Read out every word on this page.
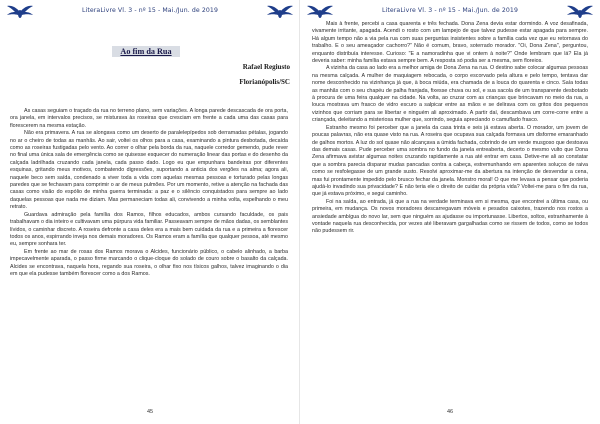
LiteraLivre Vl. 3 - nº 15 - Mai./Jun. de 2019
Ao fim da Rua
Rafael Regiusto
Florianópolis/SC

As casas seguiam o traçado da rua no terreno plano, sem variações. A longa parede descascada de ora porta, ora janela, em intervalos precisos, se misturava às roseiras que cresciam em frente a cada uma das casas para florescerem na mesma estação.

Não era primavera. A rua se alongava como um deserto de paralelepípedos sob derramadas pétalas, jogando no ar o cheiro de todas as manhãs. Ao sair, voltei os olhos para a casa, examinando a pintura desbotada, decaída como as roseiras fustigadas pelo vento. Ao correr o olhar pela borda da rua, naquele corredor gemendo, pude rever no final uma única sala de emergência como se quisesse esquecer do numeração linear das portas e do desenho da calçada ladrilhada cruzando cada janela, cada passo dado. Logo eu que empunhara bandeiras por diferentes esquinas, gritando meus motivos, combatendo digressões, suportando a anticia dos vergões na alma; agora ali, naquele beco sem saída, condenado a viver toda a vida com aquelas mesmas pessoas e torturado pelas longas paredes que se fechavam para comprimir o ar de meus pulmões. Por um momento, retive a atenção na fachada das casas como visão do espólio de minha guerra terminada: a paz e o silêncio conquistados para sempre ao lado daquelas pessoas que nada me diziam. Mas permaneciam todas ali, convivendo a minha volta, espelhando o meu retrato.

Guardava admiração pela família dos Ramos, filhos educados, ambos cursando faculdade, os pais trabalhavam o dia inteiro e cultivavam uma púrpura vida familiar. Passeavam sempre de mãos dadas, os semblantes lívidos, o caminhar discreto. A roseira defronte a casa deles era a mais bem cuidada da rua e a primeira a florescer todos os anos, espirrando inveja nos demais moradores. Os Ramos eram a família que qualquer pessoa, até mesmo eu, sempre sonhara ter.

Em frente ao mar de rosas dos Ramos morava o Alcides, funcionário público, o cabelo alinhado, a barba impecavelmente aparada, o passo firme marcando o clique-cloque do solado de couro sobre o basalto da calçada. Alcides se encontrava, naquela hora, regando sua roseira, o olhar fixo nos tísicos galhos, talvez imaginando o dia em que ela pudesse também florescer como a dos Ramos.

45
LiteraLivre Vl. 3 - nº 15 - Mai./Jun. de 2019

Mais à frente, percebi a casa quarenta e três fechada. Dona Zena devia estar dormindo. A voz desafinada, vivamente irritante, apagada. Acendi o rosto com um lampejo de que talvez pudesse estar apagada para sempre. Há algum tempo não a via pela rua com suas perguntas insistentes sobre a família cada vez que eu retornava do trabalho. E o seu ameaçador cachorro?” Não é comum, bravo, soterrado morador. "Oi, Dona Zena", perguntou, enquanto distribuía interesse. Curioso: "E a namoradinha que vi ontem à noite?" Onde lembram que lá? Ela já deveria saber: minha família estava sempre bem. A resposta só podia ser a mesma, sem floreios.

A vizinha da casa ao lado era a melhor amiga de Dona Zena na rua. O destino sabe colocar algumas pessoas na mesma calçada. A mulher de maquiagem rebocada, o corpo escorvado pela altura e pelo tempo, tentava dar nome desconhecido na vizinhança já que, à boca miúda, era chamada de a louca do quarenta e cinco. Saía todas as manhãs com o seu chapéu de palha franjada, fixesse chuva ou sol, e sua sacola de um transparente desbotado à procura de uma feira qualquer na cidade. Na volta, ao cruzar com as crianças que brincavam no meio da rua, a louca mostrava um frasco de vidro escuro a salpicar entre as mãos e se delirava com os gritos dos pequenos vizinhos que corriam para se libertar e ninguém ali aproximado. A partir daí, descambava um corre-corre entre a criançada, deleitando a misteriosa mulher que, sorrindo, seguia apreciando o camuflado frasco.

Estranho mesmo foi perceber que a janela da casa trinta e seis já estava aberta. O morador, um jovem de poucas palavras, não era quase visto na rua. A roseira que ocupava sua calçada formava um disforme emaranhado de galhos mortos. A luz do sol quase não alcançava a úmida fachada, cobrindo de um verde musgoso que destoava das demais casas. Pude perceber uma sombra no fundo da janela entreaberta, decerto o mesmo vulto que Dona Zena afirmava avistar algumas noites cruzando rapidamente a rua até entrar em casa. Detive-me ali ao constatar que a sombra parecia disparar mudas pancadas contra a cabeça, estremunhando em aparentes soluços de raiva como se resfolegasse de um grande susto. Resolvi aproximar-me da abertura na intenção de desvendar a cena, mas fui prontamente impedido pelo brusco fechar da janela. Monstro moral! O que me levava a pensar que poderia ajudá-lo invadindo sua privacidade? E não teria ele o direito de cuidar da própria vida? Voltei-me para o fim da rua, que já estava próximo, e segui caminho.

Foi na saída, ao entrada, já que a rua na verdade terminava em si mesma, que encontrei a última casa, ou primeira, em mudança. Os novos moradores descarregavam móveis e pesados caixotes, trazendo nos rostos a ansiedade ambígua do novo lar, sem que ninguém as ajudasse ou importunasse. Libertos, soltos, estranhamente à vontade naquela rua desconhecida, por vezes até liberavam gargalhadas como se rissem de todos, como se todos não pudessem rir.

46
